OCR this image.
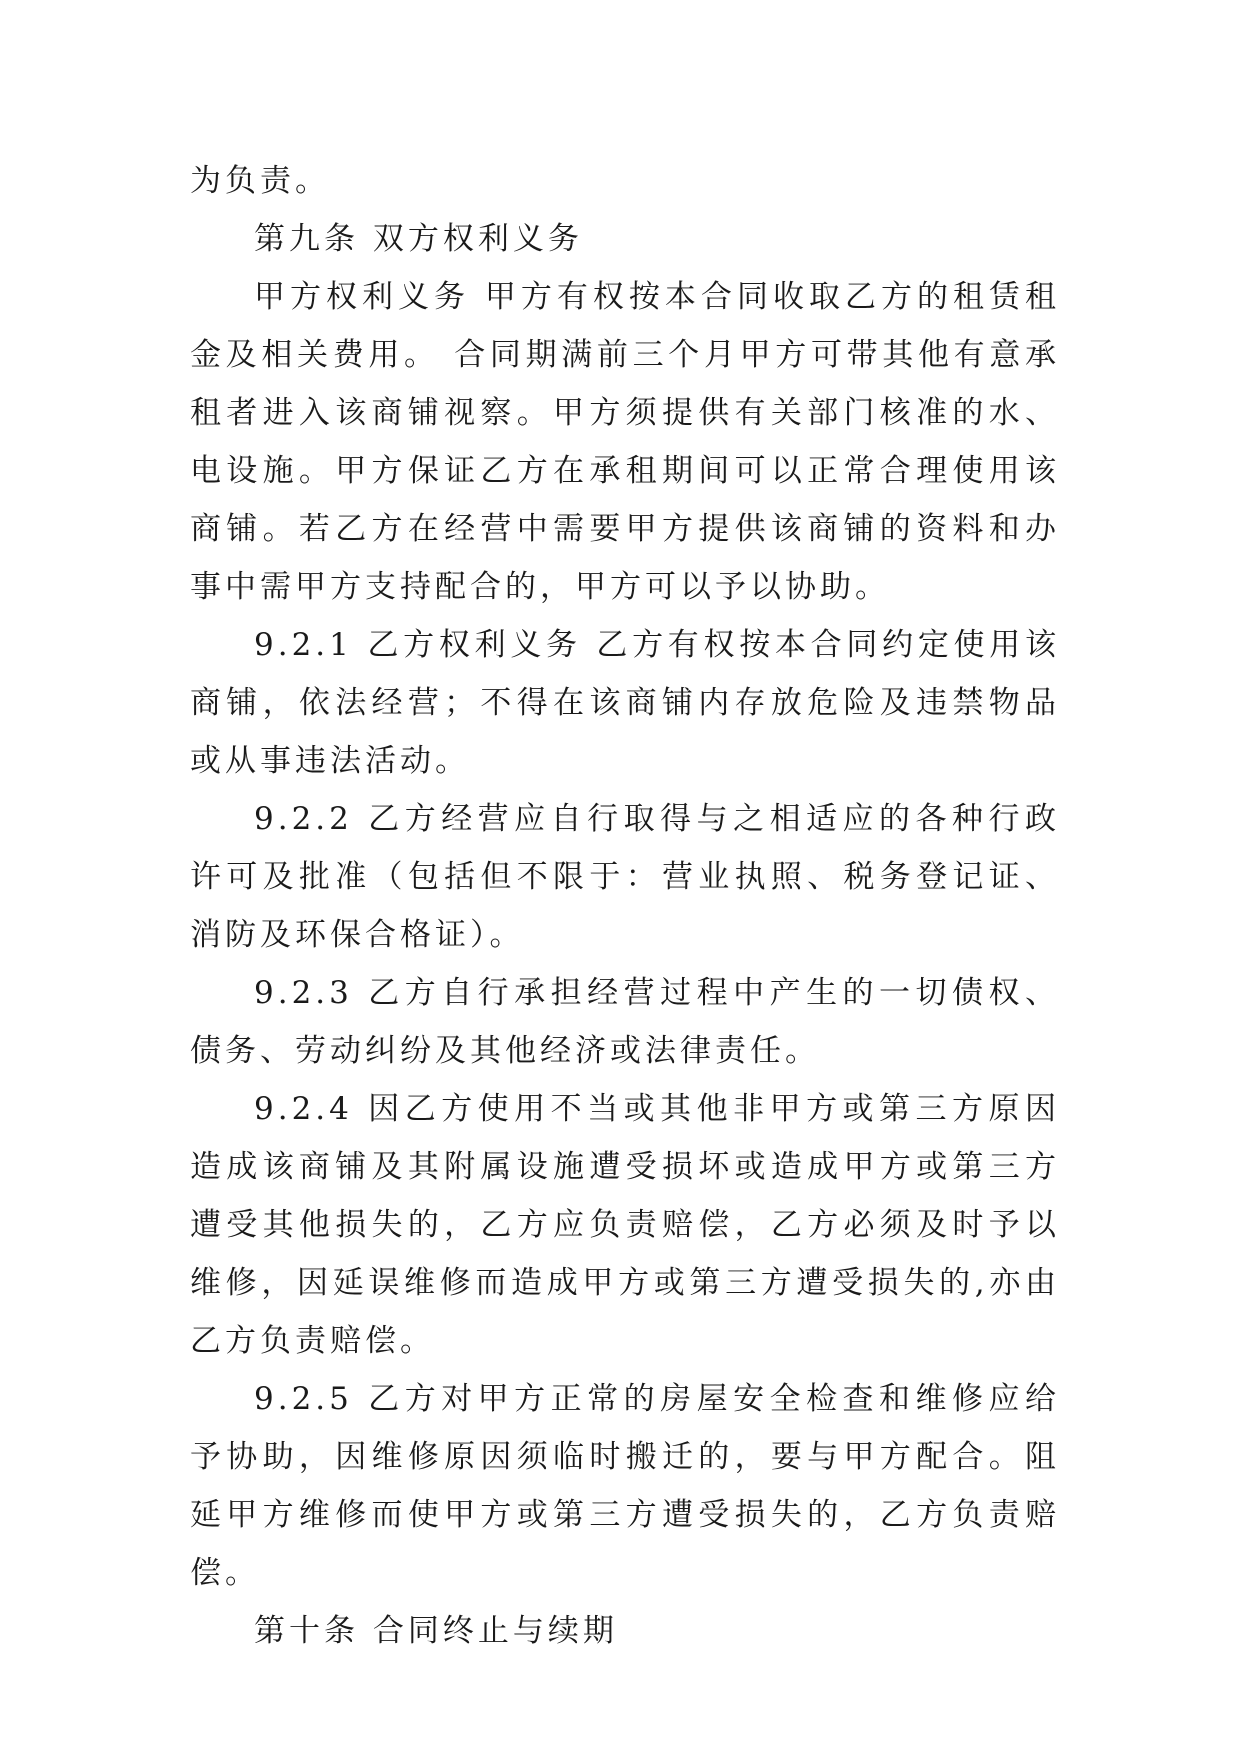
为负责。

第九条 双方权利义务

甲方权利义务 甲方有权按本合同收取乙方的租赁租金及相关费用。 合同期满前三个月甲方可带其他有意承租者进入该商铺视察。甲方须提供有关部门核准的水、电设施。甲方保证乙方在承租期间可以正常合理使用该商铺。若乙方在经营中需要甲方提供该商铺的资料和办事中需甲方支持配合的，甲方可以予以协助。

9.2.1 乙方权利义务 乙方有权按本合同约定使用该商铺，依法经营；不得在该商铺内存放危险及违禁物品或从事违法活动。

9.2.2 乙方经营应自行取得与之相适应的各种行政许可及批准（包括但不限于：营业执照、税务登记证、消防及环保合格证）。

9.2.3 乙方自行承担经营过程中产生的一切债权、债务、劳动纠纷及其他经济或法律责任。

9.2.4 因乙方使用不当或其他非甲方或第三方原因造成该商铺及其附属设施遭受损坏或造成甲方或第三方遭受其他损失的，乙方应负责赔偿，乙方必须及时予以维修，因延误维修而造成甲方或第三方遭受损失的,亦由乙方负责赔偿。

9.2.5 乙方对甲方正常的房屋安全检查和维修应给予协助，因维修原因须临时搬迁的，要与甲方配合。阻延甲方维修而使甲方或第三方遭受损失的，乙方负责赔偿。

第十条 合同终止与续期
